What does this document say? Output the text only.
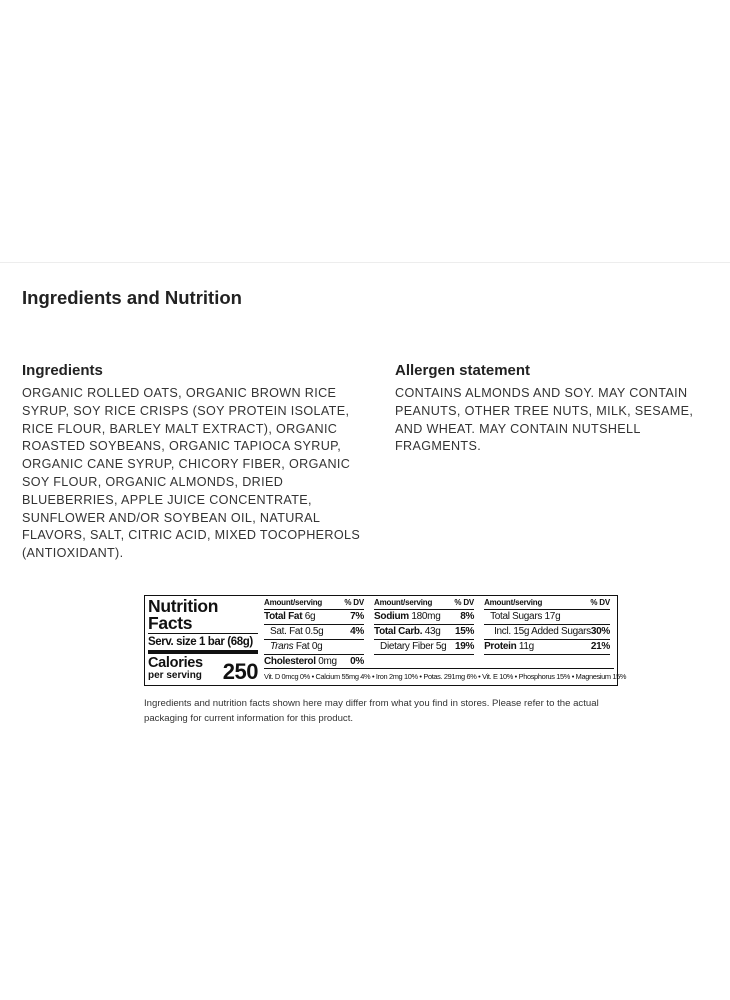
Ingredients and Nutrition
Ingredients

ORGANIC ROLLED OATS, ORGANIC BROWN RICE SYRUP, SOY RICE CRISPS (SOY PROTEIN ISOLATE, RICE FLOUR, BARLEY MALT EXTRACT), ORGANIC ROASTED SOYBEANS, ORGANIC TAPIOCA SYRUP, ORGANIC CANE SYRUP, CHICORY FIBER, ORGANIC SOY FLOUR, ORGANIC ALMONDS, DRIED BLUEBERRIES, APPLE JUICE CONCENTRATE, SUNFLOWER AND/OR SOYBEAN OIL, NATURAL FLAVORS, SALT, CITRIC ACID, MIXED TOCOPHEROLS (ANTIOXIDANT).

Allergen statement

CONTAINS ALMONDS AND SOY. MAY CONTAIN PEANUTS, OTHER TREE NUTS, MILK, SESAME, AND WHEAT. MAY CONTAIN NUTSHELL FRAGMENTS.

Nutrition
Facts
Serv. size 1 bar (68g)
Calories
per serving 250
Amount/serving	% DV
Total Fat 6g	7%
Sat. Fat 0.5g	4%
Trans Fat 0g
Cholesterol 0mg 0%
Amount/serving	% DV
Sodium 180mg 8%
Total Carb. 43g 15%
Dietary Fiber 5g 19%
Amount/serving	% DV
Total Sugars 17g
Incl. 15g Added Sugars 30%
Protein 11g	21%
Vit. D 0mcg 0% • Calcium 55mg 4% • Iron 2mg 10% • Potas. 291mg 6% • Vit. E 10% • Phosphorus 15% • Magnesium 15%

Ingredients and nutrition facts shown here may differ from what you find in stores. Please refer to the actual packaging for current information for this product.
